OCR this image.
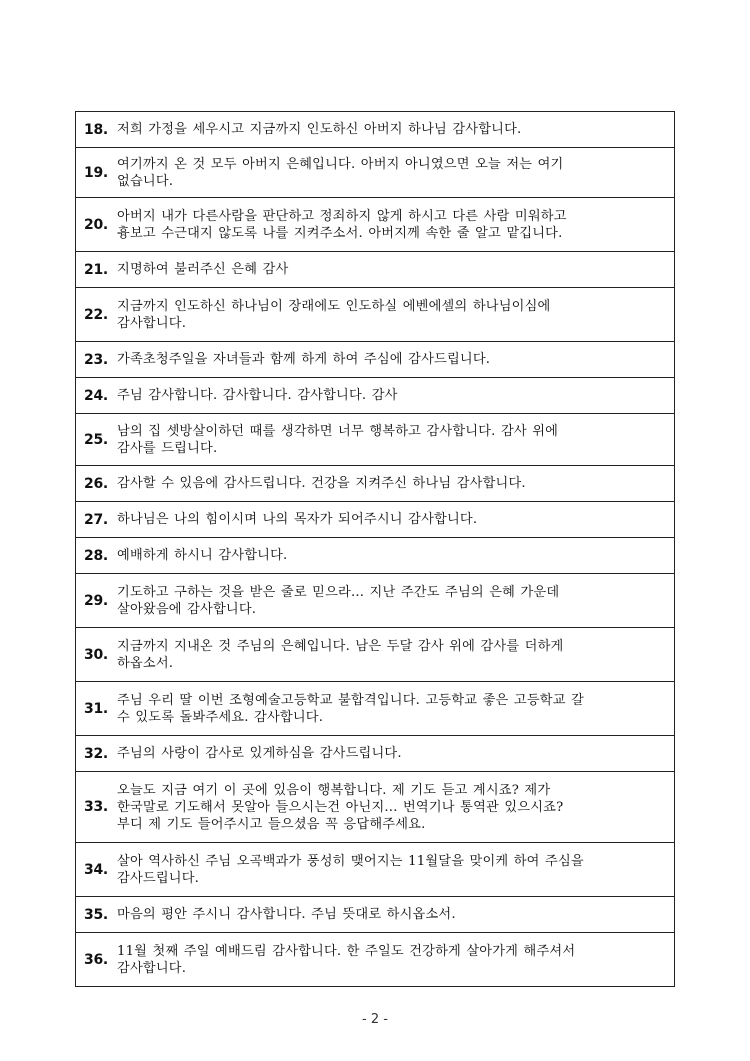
18. 저희 가정을 세우시고 지금까지 인도하신 아버지 하나님 감사합니다.
19.
여기까지 온 것 모두 아버지 은혜입니다. 아버지 아니였으면 오늘 저는 여기
없습니다.
20.
아버지 내가 다른사람을 판단하고 정죄하지 않게 하시고 다른 사람 미워하고
흉보고 수근대지 않도록 나를 지켜주소서. 아버지께 속한 줄 알고 맡깁니다.
21. 지명하여 불러주신 은혜 감사
22.
지금까지 인도하신 하나님이 장래에도 인도하실 에벤에셀의 하나님이심에
감사합니다.
23. 가족초청주일을 자녀들과 함께 하게 하여 주심에 감사드립니다.
24. 주님 감사합니다. 감사합니다. 감사합니다. 감사
25.
남의 집 셋방살이하던 때를 생각하면 너무 행복하고 감사합니다. 감사 위에
감사를 드립니다.
26. 감사할 수 있음에 감사드립니다. 건강을 지켜주신 하나님 감사합니다.
27. 하나님은 나의 힘이시며 나의 목자가 되어주시니 감사합니다.
28. 예배하게 하시니 감사합니다.
29.
기도하고 구하는 것을 받은 줄로 믿으라... 지난 주간도 주님의 은혜 가운데
살아왔음에 감사합니다.
30.
지금까지 지내온 것 주님의 은혜입니다. 남은 두달 감사 위에 감사를 더하게
하옵소서.
31.
주님 우리 딸 이번 조형예술고등학교 불합격입니다. 고등학교 좋은 고등학교 갈
수 있도록 돌봐주세요. 감사합니다.
32. 주님의 사랑이 감사로 있게하심을 감사드립니다.
33.
오늘도 지금 여기 이 곳에 있음이 행복합니다. 제 기도 듣고 계시죠? 제가
한국말로 기도해서 못알아 들으시는건 아닌지... 번역기나 통역관 있으시죠?
부디 제 기도 들어주시고 들으셨음 꼭 응답해주세요.
34.
살아 역사하신 주님 오곡백과가 풍성히 맺어지는 11월달을 맞이케 하여 주심을
감사드립니다.
35. 마음의 평안 주시니 감사합니다. 주님 뜻대로 하시옵소서.
36.
11월 첫째 주일 예배드림 감사합니다. 한 주일도 건강하게 살아가게 해주셔서
감사합니다.
- 2 -
